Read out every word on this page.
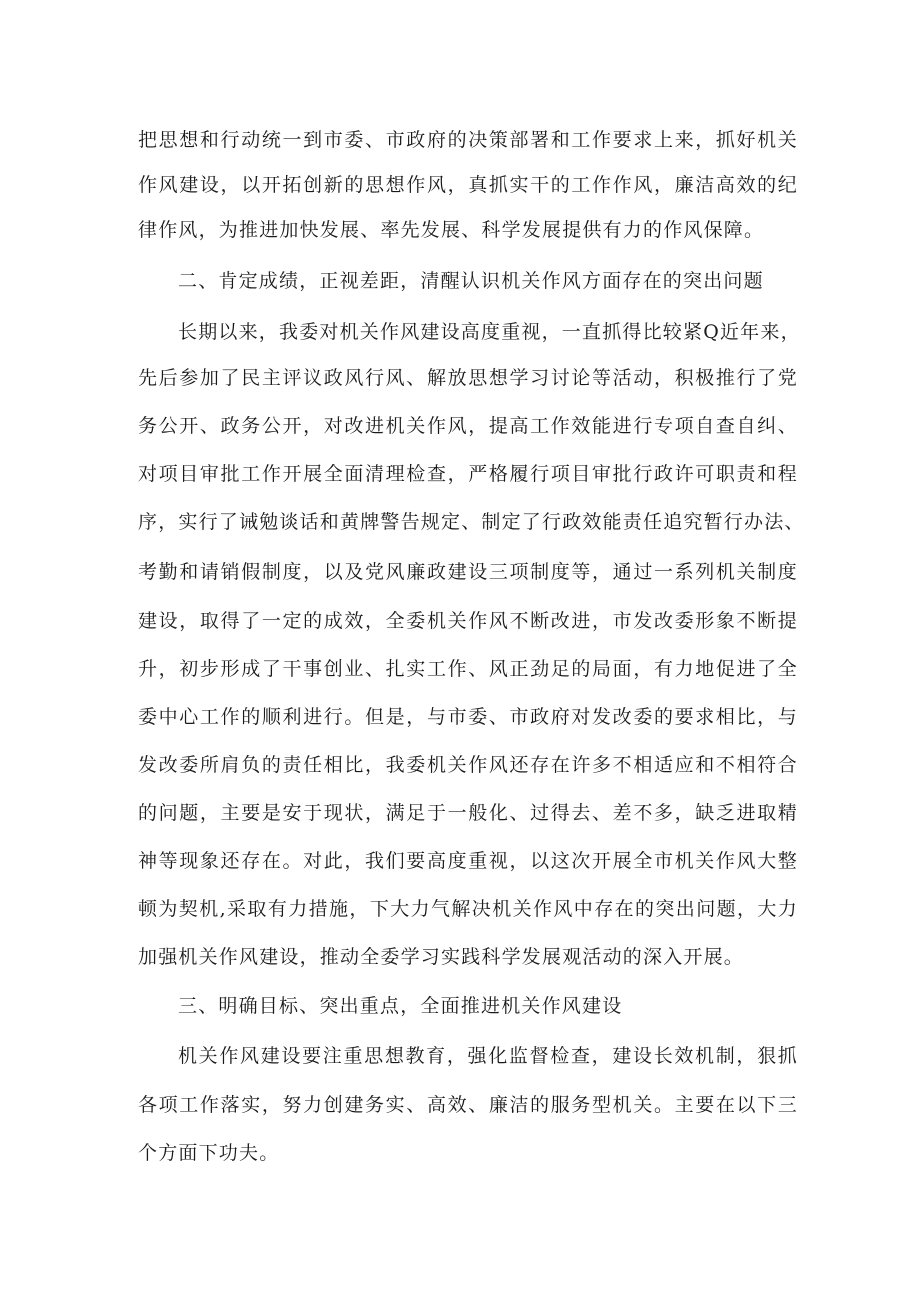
把思想和行动统一到市委、市政府的决策部署和工作要求上来，抓好机关
作风建设，以开拓创新的思想作风，真抓实干的工作作风，廉洁高效的纪
律作风，为推进加快发展、率先发展、科学发展提供有力的作风保障。
二、肯定成绩，正视差距，清醒认识机关作风方面存在的突出问题
长期以来，我委对机关作风建设高度重视，一直抓得比较紧Q近年来，
先后参加了民主评议政风行风、解放思想学习讨论等活动，积极推行了党
务公开、政务公开，对改进机关作风，提高工作效能进行专项自查自纠、
对项目审批工作开展全面清理检查，严格履行项目审批行政许可职责和程
序，实行了诫勉谈话和黄牌警告规定、制定了行政效能责任追究暂行办法、
考勤和请销假制度，以及党风廉政建设三项制度等，通过一系列机关制度
建设，取得了一定的成效，全委机关作风不断改进，市发改委形象不断提
升，初步形成了干事创业、扎实工作、风正劲足的局面，有力地促进了全
委中心工作的顺利进行。但是，与市委、市政府对发改委的要求相比，与
发改委所肩负的责任相比，我委机关作风还存在许多不相适应和不相符合
的问题，主要是安于现状，满足于一般化、过得去、差不多，缺乏进取精
神等现象还存在。对此，我们要高度重视，以这次开展全市机关作风大整
顿为契机,采取有力措施，下大力气解决机关作风中存在的突出问题，大力
加强机关作风建设，推动全委学习实践科学发展观活动的深入开展。
三、明确目标、突出重点，全面推进机关作风建设
机关作风建设要注重思想教育，强化监督检查，建设长效机制，狠抓
各项工作落实，努力创建务实、高效、廉洁的服务型机关。主要在以下三
个方面下功夫。
